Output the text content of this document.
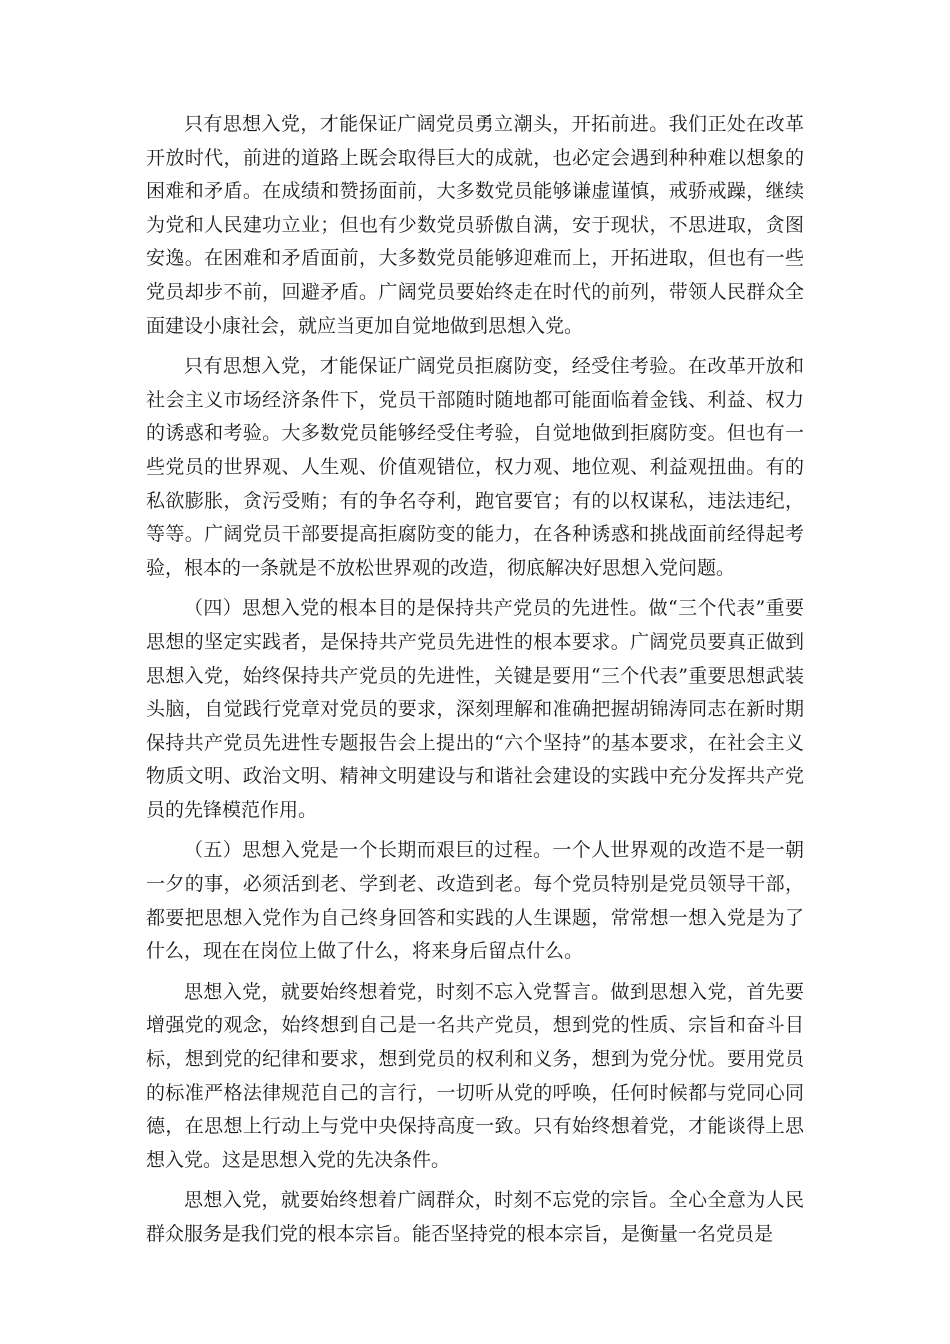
只有思想入党，才能保证广阔党员勇立潮头，开拓前进。我们正处在改革开放时代，前进的道路上既会取得巨大的成就，也必定会遇到种种难以想象的困难和矛盾。在成绩和赞扬面前，大多数党员能够谦虚谨慎，戒骄戒躁，继续为党和人民建功立业；但也有少数党员骄傲自满，安于现状，不思进取，贪图安逸。在困难和矛盾面前，大多数党员能够迎难而上，开拓进取，但也有一些党员却步不前，回避矛盾。广阔党员要始终走在时代的前列，带领人民群众全面建设小康社会，就应当更加自觉地做到思想入党。

只有思想入党，才能保证广阔党员拒腐防变，经受住考验。在改革开放和社会主义市场经济条件下，党员干部随时随地都可能面临着金钱、利益、权力的诱惑和考验。大多数党员能够经受住考验，自觉地做到拒腐防变。但也有一些党员的世界观、人生观、价值观错位，权力观、地位观、利益观扭曲。有的私欲膨胀，贪污受贿；有的争名夺利，跑官要官；有的以权谋私，违法违纪，等等。广阔党员干部要提高拒腐防变的能力，在各种诱惑和挑战面前经得起考验，根本的一条就是不放松世界观的改造，彻底解决好思想入党问题。

（四）思想入党的根本目的是保持共产党员的先进性。做“三个代表”重要思想的坚定实践者，是保持共产党员先进性的根本要求。广阔党员要真正做到思想入党，始终保持共产党员的先进性，关键是要用“三个代表”重要思想武装头脑，自觉践行党章对党员的要求，深刻理解和准确把握胡锦涛同志在新时期保持共产党员先进性专题报告会上提出的“六个坚持”的基本要求，在社会主义物质文明、政治文明、精神文明建设与和谐社会建设的实践中充分发挥共产党员的先锋模范作用。

（五）思想入党是一个长期而艰巨的过程。一个人世界观的改造不是一朝一夕的事，必须活到老、学到老、改造到老。每个党员特别是党员领导干部，都要把思想入党作为自己终身回答和实践的人生课题，常常想一想入党是为了什么，现在在岗位上做了什么，将来身后留点什么。

思想入党，就要始终想着党，时刻不忘入党誓言。做到思想入党，首先要增强党的观念，始终想到自己是一名共产党员，想到党的性质、宗旨和奋斗目标，想到党的纪律和要求，想到党员的权利和义务，想到为党分忧。要用党员的标准严格法律规范自己的言行，一切听从党的呼唤，任何时候都与党同心同德，在思想上行动上与党中央保持高度一致。只有始终想着党，才能谈得上思想入党。这是思想入党的先决条件。

思想入党，就要始终想着广阔群众，时刻不忘党的宗旨。全心全意为人民群众服务是我们党的根本宗旨。能否坚持党的根本宗旨，是衡量一名党员是
